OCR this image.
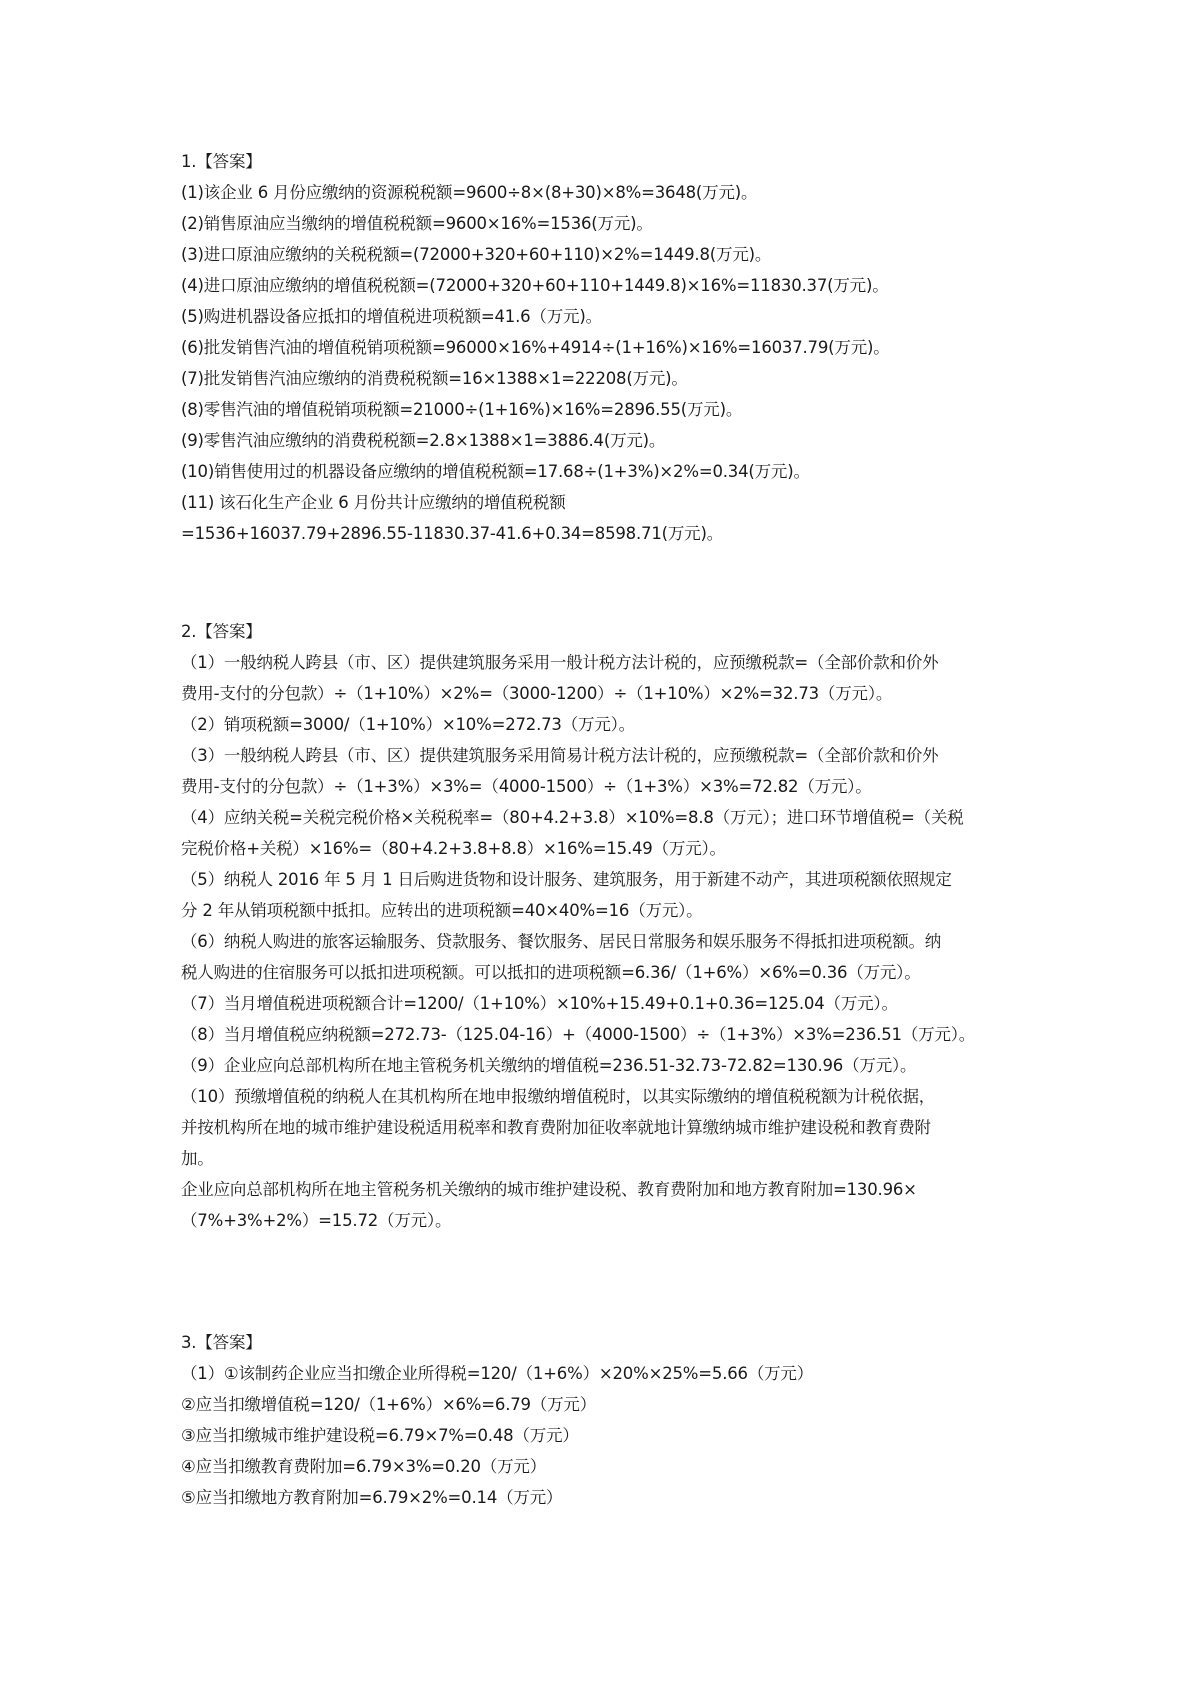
1.【答案】
(1)该企业 6 月份应缴纳的资源税税额=9600÷8×(8+30)×8%=3648(万元)。
(2)销售原油应当缴纳的增值税税额=9600×16%=1536(万元)。
(3)进口原油应缴纳的关税税额=(72000+320+60+110)×2%=1449.8(万元)。
(4)进口原油应缴纳的增值税税额=(72000+320+60+110+1449.8)×16%=11830.37(万元)。
(5)购进机器设备应抵扣的增值税进项税额=41.6（万元)。
(6)批发销售汽油的增值税销项税额=96000×16%+4914÷(1+16%)×16%=16037.79(万元)。
(7)批发销售汽油应缴纳的消费税税额=16×1388×1=22208(万元)。
(8)零售汽油的增值税销项税额=21000÷(1+16%)×16%=2896.55(万元)。
(9)零售汽油应缴纳的消费税税额=2.8×1388×1=3886.4(万元)。
(10)销售使用过的机器设备应缴纳的增值税税额=17.68÷(1+3%)×2%=0.34(万元)。
(11) 该石化生产企业 6 月份共计应缴纳的增值税税额
=1536+16037.79+2896.55-11830.37-41.6+0.34=8598.71(万元)。
2.【答案】
（1）一般纳税人跨县（市、区）提供建筑服务采用一般计税方法计税的，应预缴税款=（全部价款和价外
费用-支付的分包款）÷（1+10%）×2%=（3000-1200）÷（1+10%）×2%=32.73（万元）。
（2）销项税额=3000/（1+10%）×10%=272.73（万元）。
（3）一般纳税人跨县（市、区）提供建筑服务采用简易计税方法计税的，应预缴税款=（全部价款和价外
费用-支付的分包款）÷（1+3%）×3%=（4000-1500）÷（1+3%）×3%=72.82（万元）。
（4）应纳关税=关税完税价格×关税税率=（80+4.2+3.8）×10%=8.8（万元）；进口环节增值税=（关税
完税价格+关税）×16%=（80+4.2+3.8+8.8）×16%=15.49（万元）。
（5）纳税人 2016 年 5 月 1 日后购进货物和设计服务、建筑服务，用于新建不动产，其进项税额依照规定
分 2 年从销项税额中抵扣。应转出的进项税额=40×40%=16（万元）。
（6）纳税人购进的旅客运输服务、贷款服务、餐饮服务、居民日常服务和娱乐服务不得抵扣进项税额。纳
税人购进的住宿服务可以抵扣进项税额。可以抵扣的进项税额=6.36/（1+6%）×6%=0.36（万元）。
（7）当月增值税进项税额合计=1200/（1+10%）×10%+15.49+0.1+0.36=125.04（万元）。
（8）当月增值税应纳税额=272.73-（125.04-16）+（4000-1500）÷（1+3%）×3%=236.51（万元）。
（9）企业应向总部机构所在地主管税务机关缴纳的增值税=236.51-32.73-72.82=130.96（万元）。
（10）预缴增值税的纳税人在其机构所在地申报缴纳增值税时，以其实际缴纳的增值税税额为计税依据，
并按机构所在地的城市维护建设税适用税率和教育费附加征收率就地计算缴纳城市维护建设税和教育费附
加。
企业应向总部机构所在地主管税务机关缴纳的城市维护建设税、教育费附加和地方教育附加=130.96×
（7%+3%+2%）=15.72（万元）。
3.【答案】
（1）①该制药企业应当扣缴企业所得税=120/（1+6%）×20%×25%=5.66（万元）
②应当扣缴增值税=120/（1+6%）×6%=6.79（万元）
③应当扣缴城市维护建设税=6.79×7%=0.48（万元）
④应当扣缴教育费附加=6.79×3%=0.20（万元）
⑤应当扣缴地方教育附加=6.79×2%=0.14（万元）
